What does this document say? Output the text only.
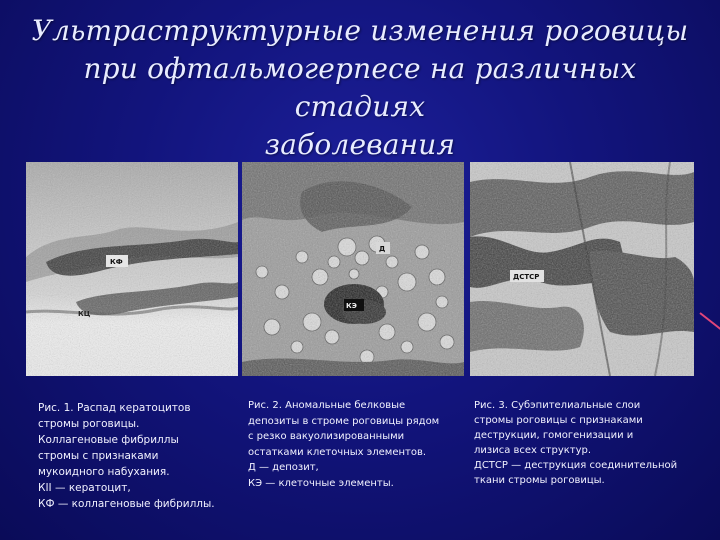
Ультраструктурные изменения роговицы
при офтальмогерпесе на различных стадиях
заболевания
КФ
КЦ
Д
КЭ
ДСТСР

Рис. 1. Распад кератоцитов

стромы роговицы.

Коллагеновые фибриллы

стромы с признаками

мукоидного набухания.

КII — кератоцит,

КФ — коллагеновые фибриллы.

Рис. 2. Аномальные белковые

депозиты в строме роговицы рядом

с резко вакуолизированными

остатками клеточных элементов.

Д — депозит,

КЭ — клеточные элементы.

Рис. 3. Субэпителиальные слои

стромы роговицы с признаками

деструкции, гомогенизации и

лизиса всех структур.

ДСТСР — деструкция соединительной

ткани стромы роговицы.
